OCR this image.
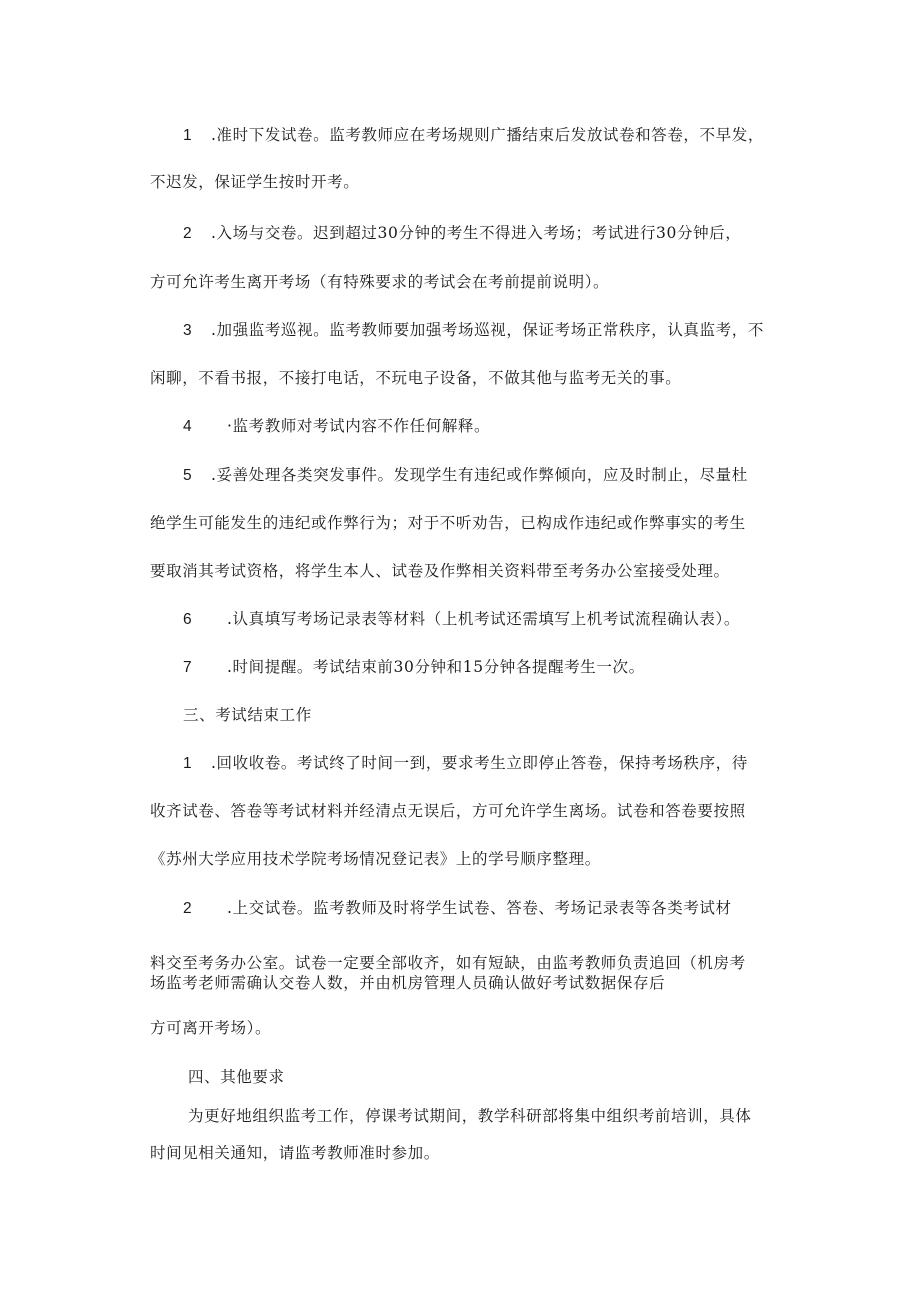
1 .准时下发试卷。监考教师应在考场规则广播结束后发放试卷和答卷，不早发，
不迟发，保证学生按时开考。
2 .入场与交卷。迟到超过30分钟的考生不得进入考场；考试进行30分钟后，
方可允许考生离开考场（有特殊要求的考试会在考前提前说明）。
3 .加强监考巡视。监考教师要加强考场巡视，保证考场正常秩序，认真监考，不
闲聊，不看书报，不接打电话，不玩电子设备，不做其他与监考无关的事。
4 ·监考教师对考试内容不作任何解释。
5 .妥善处理各类突发事件。发现学生有违纪或作弊倾向，应及时制止，尽量杜
绝学生可能发生的违纪或作弊行为；对于不听劝告，已构成作违纪或作弊事实的考生
要取消其考试资格，将学生本人、试卷及作弊相关资料带至考务办公室接受处理。
6 .认真填写考场记录表等材料（上机考试还需填写上机考试流程确认表）。
7 .时间提醒。考试结束前30分钟和15分钟各提醒考生一次。
三、考试结束工作
1 .回收收卷。考试终了时间一到，要求考生立即停止答卷，保持考场秩序，待
收齐试卷、答卷等考试材料并经清点无误后，方可允许学生离场。试卷和答卷要按照
《苏州大学应用技术学院考场情况登记表》上的学号顺序整理。
2 .上交试卷。监考教师及时将学生试卷、答卷、考场记录表等各类考试材
料交至考务办公室。试卷一定要全部收齐，如有短缺，由监考教师负责追回（机房考
场监考老师需确认交卷人数，并由机房管理人员确认做好考试数据保存后
方可离开考场）。
四、其他要求
为更好地组织监考工作，停课考试期间，教学科研部将集中组织考前培训，具体
时间见相关通知，请监考教师准时参加。
